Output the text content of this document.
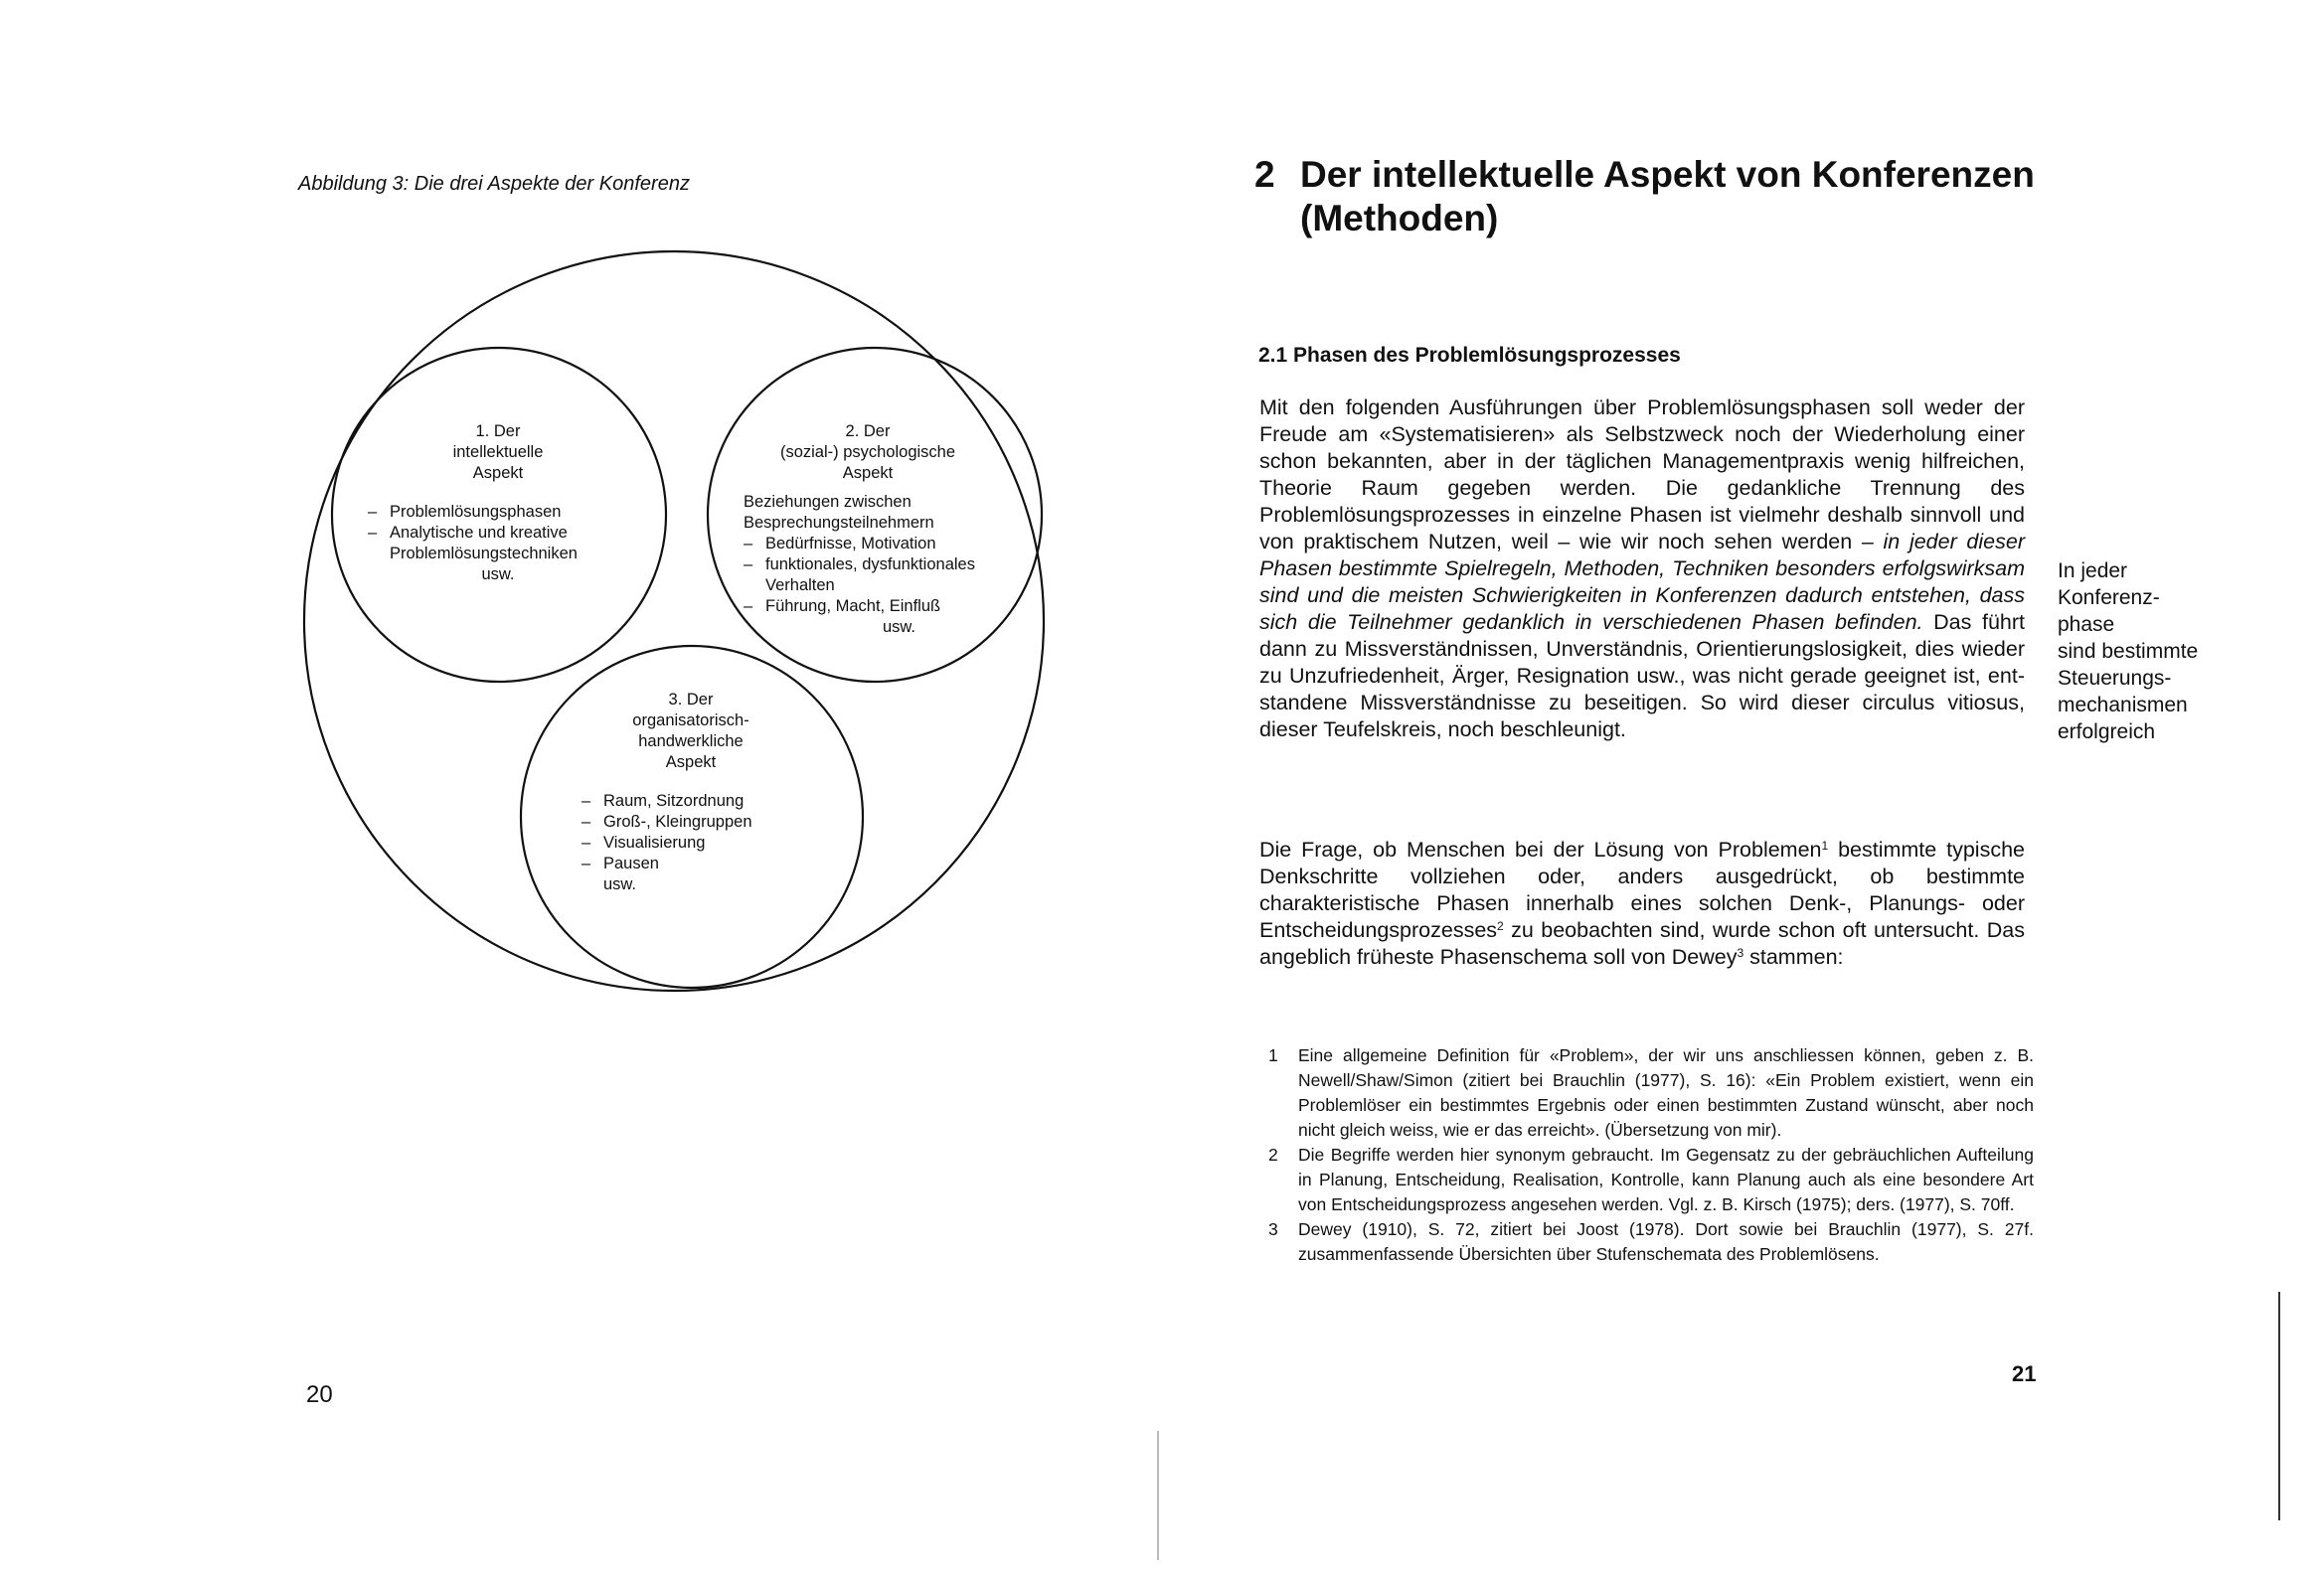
Abbildung 3: Die drei Aspekte der Konferenz
1. Der
intellektuelle
Aspekt
– Problemlösungsphasen
– Analytische und kreative Problemlösungstechniken
usw.
2. Der
(sozial-) psychologische
Aspekt
Beziehungen zwischen
Besprechungsteilnehmern
– Bedürfnisse, Motivation
– funktionales, dysfunktionales Verhalten
– Führung, Macht, Einfluß
usw.
3. Der
organisatorisch-
handwerkliche
Aspekt
– Raum, Sitzordnung
– Groß-, Kleingruppen
– Visualisierung
– Pausen
usw.
20
2 Der intellektuelle Aspekt von Konferenzen (Methoden)
2.1 Phasen des Problemlösungsprozesses
Mit den folgenden Ausführungen über Problemlösungsphasen soll weder der Freude am «Systematisieren» als Selbstzweck noch der Wiederholung einer schon bekannten, aber in der täglichen Managementpraxis wenig hilfreichen, Theorie Raum gegeben werden. Die gedankliche Trennung des Problemlösungsprozesses in einzelne Phasen ist vielmehr deshalb sinnvoll und von praktischem Nutzen, weil – wie wir noch sehen werden – in jeder dieser Phasen bestimmte Spielregeln, Methoden, Techniken besonders erfolgswirksam sind und die meisten Schwierigkeiten in Konferenzen dadurch entstehen, dass sich die Teilnehmer gedanklich in verschiedenen Phasen befinden. Das führt dann zu Missverständnissen, Unverständnis, Orientierungslosigkeit, dies wieder zu Unzufriedenheit, Ärger, Resignation usw., was nicht gerade geeignet ist, entstandene Missverständnisse zu beseitigen. So wird dieser circulus vitiosus, dieser Teufelskreis, noch beschleunigt.
In jeder
Konferenz-
phase
sind bestimmte
Steuerungs-
mechanismen
erfolgreich
Die Frage, ob Menschen bei der Lösung von Problemen$^1$ bestimmte typische Denkschritte vollziehen oder, anders ausgedrückt, ob bestimmte charakteristische Phasen innerhalb eines solchen Denk-, Planungs- oder Entscheidungsprozesses$^2$ zu beobachten sind, wurde schon oft untersucht. Das angeblich früheste Phasenschema soll von Dewey$^3$ stammen:
1 Eine allgemeine Definition für «Problem», der wir uns anschliessen können, geben z. B. Newell/Shaw/Simon (zitiert bei Brauchlin (1977), S. 16): «Ein Problem existiert, wenn ein Problemlöser ein bestimmtes Ergebnis oder einen bestimmten Zustand wünscht, aber noch nicht gleich weiss, wie er das erreicht». (Übersetzung von mir).
2 Die Begriffe werden hier synonym gebraucht. Im Gegensatz zu der gebräuchlichen Aufteilung in Planung, Entscheidung, Realisation, Kontrolle, kann Planung auch als eine besondere Art von Entscheidungsprozess angesehen werden. Vgl. z. B. Kirsch (1975); ders. (1977), S. 70ff.
3 Dewey (1910), S. 72, zitiert bei Joost (1978). Dort sowie bei Brauchlin (1977), S. 27f. zusammenfassende Übersichten über Stufenschemata des Problemlösens.
21
